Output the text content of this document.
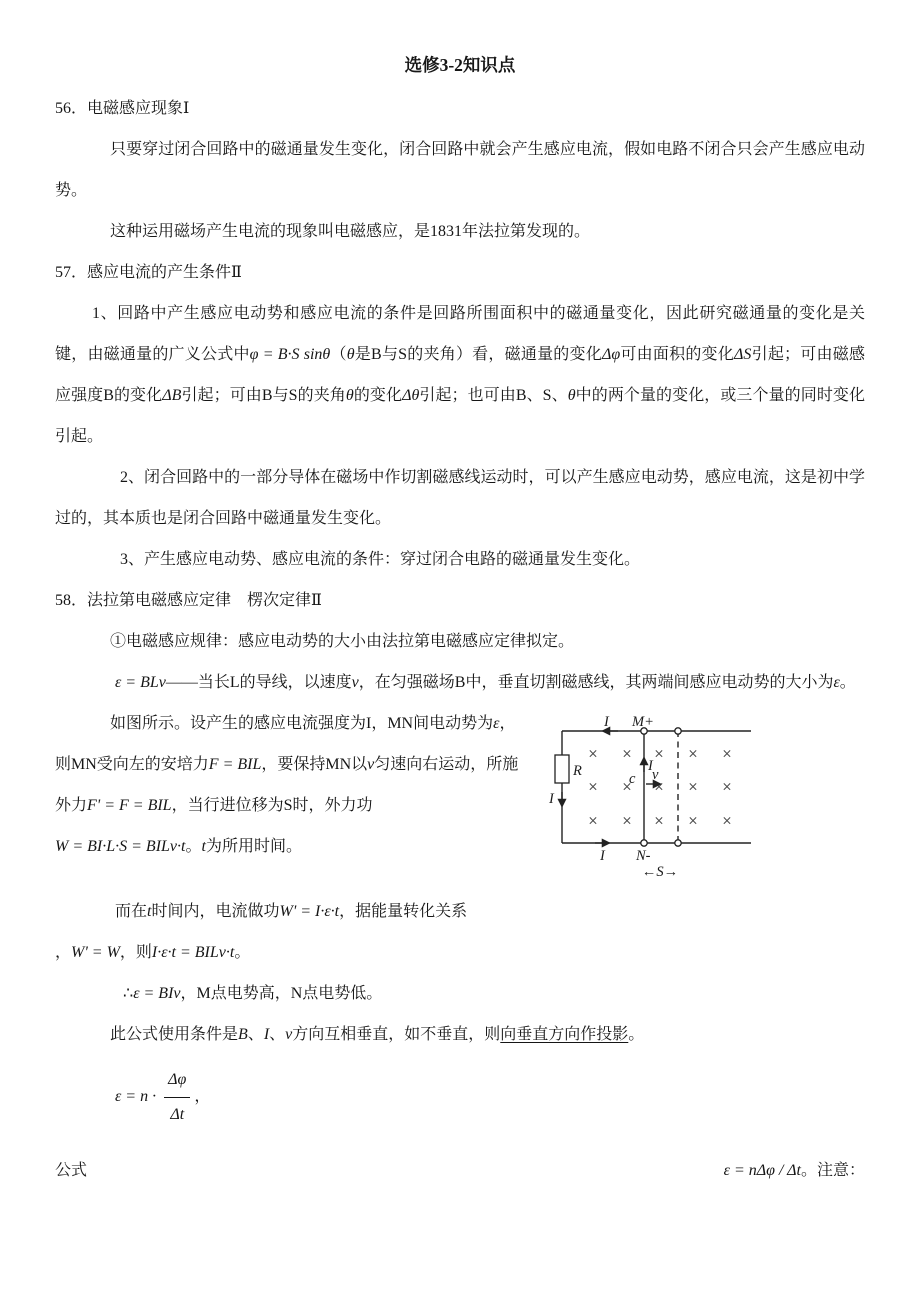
选修3-2知识点

56．电磁感应现象Ⅰ

只要穿过闭合回路中的磁通量发生变化，闭合回路中就会产生感应电流，假如电路不闭合只会产生感应电动势。

这种运用磁场产生电流的现象叫电磁感应，是1831年法拉第发现的。

57．感应电流的产生条件Ⅱ

1、回路中产生感应电动势和感应电流的条件是回路所围面积中的磁通量变化，因此研究磁通量的变化是关键，由磁通量的广义公式中φ = B·S sinθ（θ是B与S的夹角）看，磁通量的变化Δφ可由面积的变化ΔS引起；可由磁感应强度B的变化ΔB引起；可由B与S的夹角θ的变化Δθ引起；也可由B、S、θ中的两个量的变化，或三个量的同时变化引起。

2、闭合回路中的一部分导体在磁场中作切割磁感线运动时，可以产生感应电动势，感应电流，这是初中学过的，其本质也是闭合回路中磁通量发生变化。

3、产生感应电动势、感应电流的条件：穿过闭合电路的磁通量发生变化。

58．法拉第电磁感应定律　楞次定律Ⅱ

①电磁感应规律：感应电动势的大小由法拉第电磁感应定律拟定。

ε = BLv——当长L的导线，以速度v，在匀强磁场B中，垂直切割磁感线，其两端间感应电动势的大小为ε。

× × × × ×
× × × × ×
× × × × ×
I M+
R
I
I
c v
I N-
←S→

如图所示。设产生的感应电流强度为I，MN间电动势为ε，

则MN受向左的安培力F = BIL，要保持MN以v匀速向右运动，所施

外力F' = F = BIL，当行进位移为S时，外力功

W = BI·L·S = BILv·t。t为所用时间。

而在t时间内，电流做功W' = I·ε·t，据能量转化关系

，W' = W，则I·ε·t = BILv·t。

∴ε = BIv，M点电势高，N点电势低。

此公式使用条件是B、I、v方向互相垂直，如不垂直，则向垂直方向作投影。

$\varepsilon = n \cdot \frac{\Delta\varphi}{\Delta t}$ ，
公式	ε = nΔφ / Δt。注意：
